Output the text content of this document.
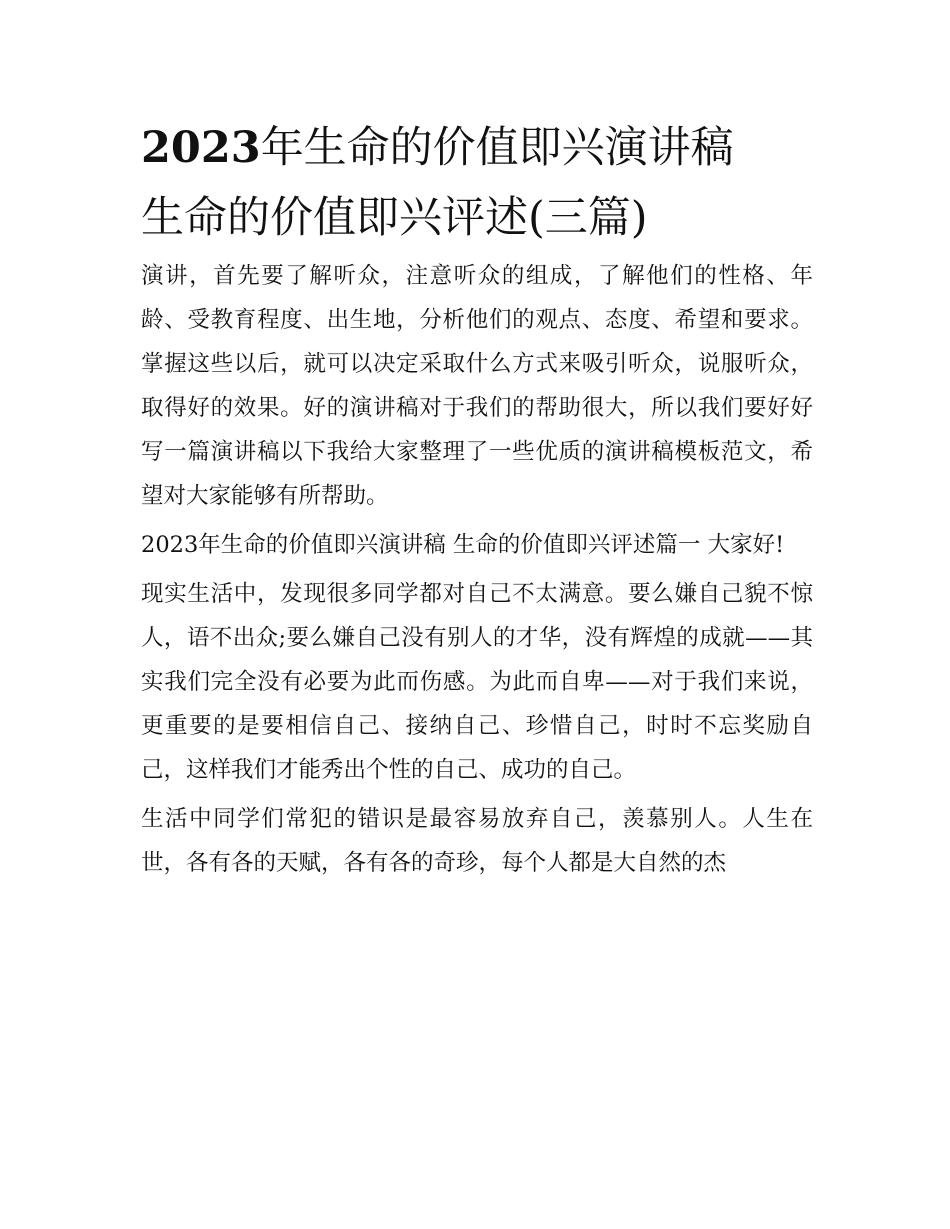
2023年生命的价值即兴演讲稿
生命的价值即兴评述(三篇)

演讲，首先要了解听众，注意听众的组成，了解他们的性格、年龄、受教育程度、出生地，分析他们的观点、态度、希望和要求。掌握这些以后，就可以决定采取什么方式来吸引听众，说服听众，取得好的效果。好的演讲稿对于我们的帮助很大，所以我们要好好写一篇演讲稿以下我给大家整理了一些优质的演讲稿模板范文，希望对大家能够有所帮助。

2023年生命的价值即兴演讲稿 生命的价值即兴评述篇一 大家好!

现实生活中，发现很多同学都对自己不太满意。要么嫌自己貌不惊人，语不出众;要么嫌自己没有别人的才华，没有辉煌的成就——其实我们完全没有必要为此而伤感。为此而自卑——对于我们来说，更重要的是要相信自己、接纳自己、珍惜自己，时时不忘奖励自己，这样我们才能秀出个性的自己、成功的自己。

生活中同学们常犯的错识是最容易放弃自己，羡慕别人。人生在世，各有各的天赋，各有各的奇珍，每个人都是大自然的杰
